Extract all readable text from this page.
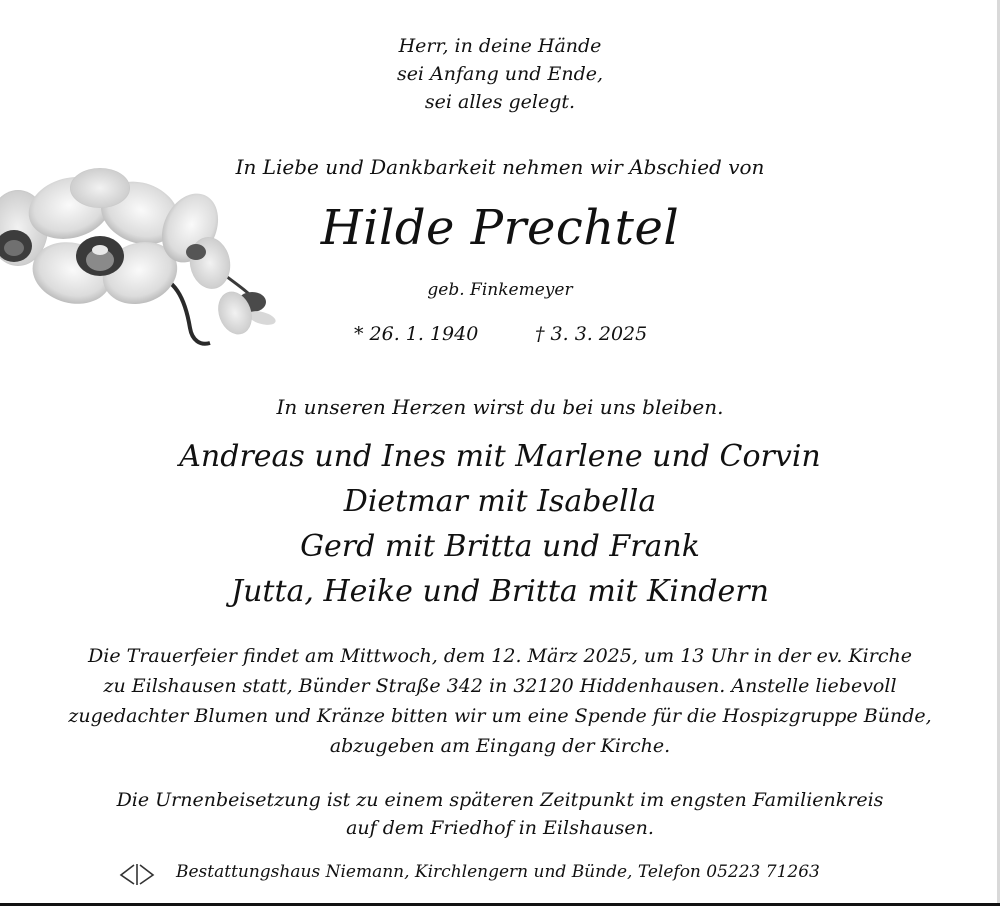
Herr, in deine Hände
sei Anfang und Ende,
sei alles gelegt.
In Liebe und Dankbarkeit nehmen wir Abschied von
Hilde Prechtel
geb. Finkemeyer
* 26. 1. 1940	† 3. 3. 2025
In unseren Herzen wirst du bei uns bleiben.
Andreas und Ines mit Marlene und Corvin
Dietmar mit Isabella
Gerd mit Britta und Frank
Jutta, Heike und Britta mit Kindern
Die Trauerfeier findet am Mittwoch, dem 12. März 2025, um 13 Uhr in der ev. Kirche
zu Eilshausen statt, Bünder Straße 342 in 32120 Hiddenhausen. Anstelle liebevoll
zugedachter Blumen und Kränze bitten wir um eine Spende für die Hospizgruppe Bünde,
abzugeben am Eingang der Kirche.
Die Urnenbeisetzung ist zu einem späteren Zeitpunkt im engsten Familienkreis
auf dem Friedhof in Eilshausen.
Bestattungshaus Niemann, Kirchlengern und Bünde, Telefon 05223 71263
